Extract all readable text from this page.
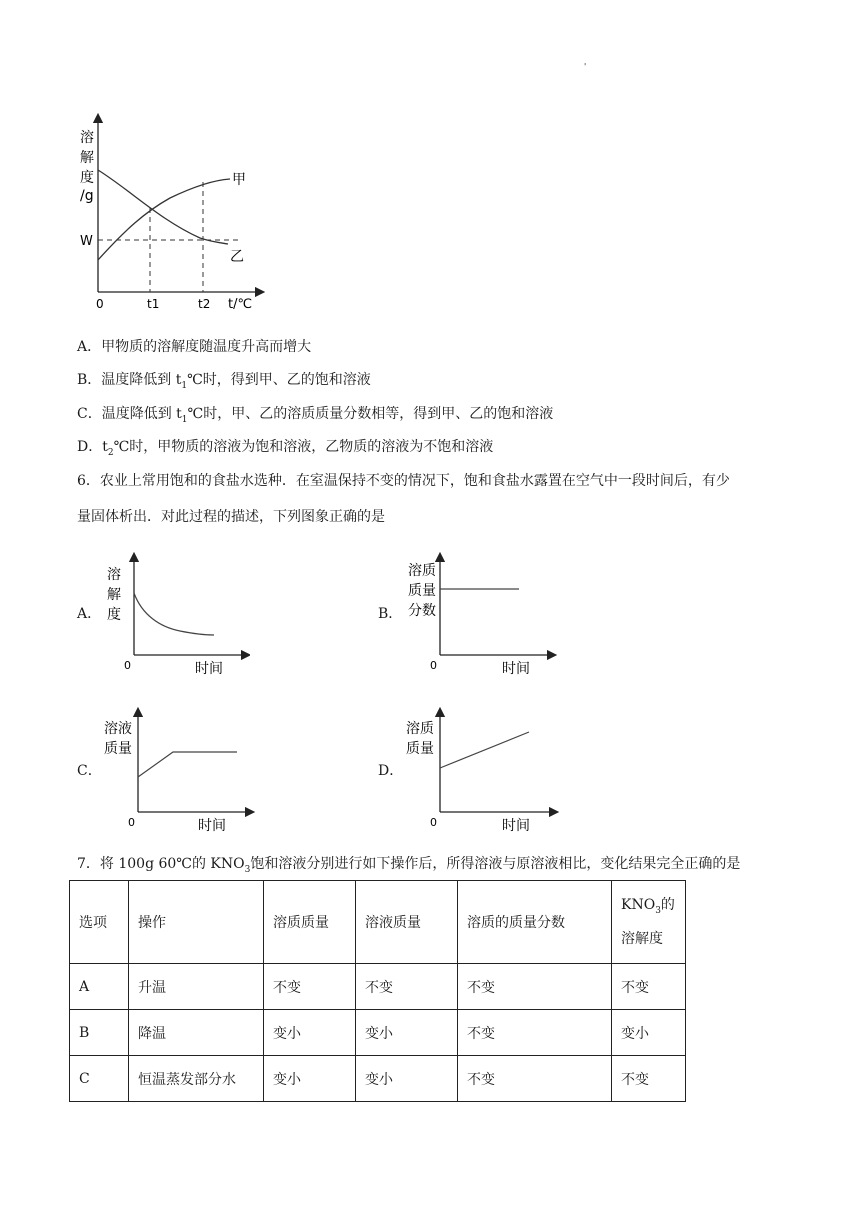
'
溶
解
度
/g
W
0	t1	t2 t/℃
甲
乙
A．甲物质的溶解度随温度升高而增大
B．温度降低到 $t_1℃$时，得到甲、乙的饱和溶液
C．温度降低到 $t_1℃$时，甲、乙的溶质质量分数相等，得到甲、乙的饱和溶液
D．$t_2℃$时，甲物质的溶液为饱和溶液，乙物质的溶液为不饱和溶液
6．农业上常用饱和的食盐水选种．在室温保持不变的情况下，饱和食盐水露置在空气中一段时间后，有少
量固体析出．对此过程的描述，下列图象正确的是
A．
溶
解
度
0	时间
B．
溶质
质量
分数
0	时间
C．
溶液
质量
0	时间
D．
溶质
质量
0	时间
7．将 100g 60℃的 $KNO_3$饱和溶液分别进行如下操作后，所得溶液与原溶液相比，变化结果完全正确的是
选项	操作	溶质质量	溶液质量	溶质的质量分数	$KNO_3$的
溶解度
A	升温	不变	不变	不变	不变
B	降温	变小	变小	不变	变小
C	恒温蒸发部分水	变小	变小	不变	不变
